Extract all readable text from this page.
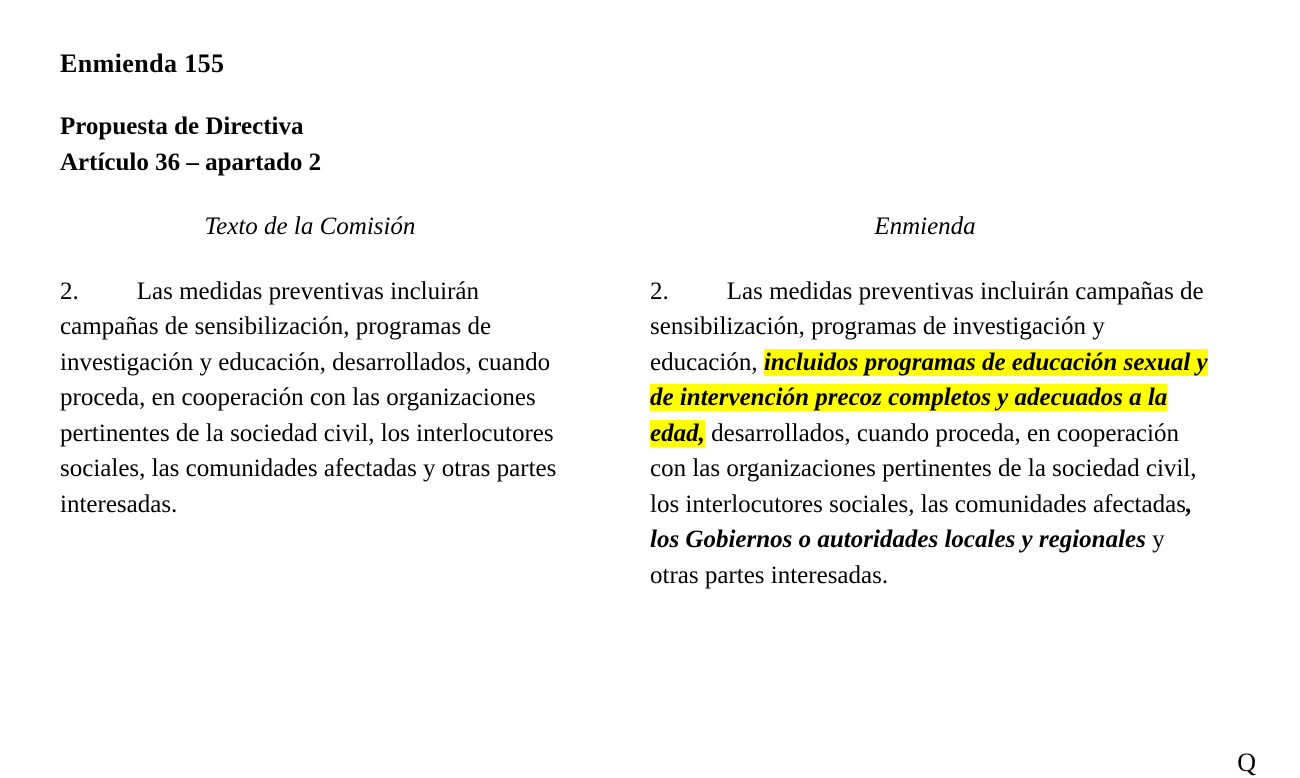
Enmienda 155
Propuesta de Directiva
Artículo 36 – apartado 2
Texto de la Comisión

2. Las medidas preventivas incluirán campañas de sensibilización, programas de investigación y educación, desarrollados, cuando proceda, en cooperación con las organizaciones pertinentes de la sociedad civil, los interlocutores sociales, las comunidades afectadas y otras partes interesadas.

Enmienda

2. Las medidas preventivas incluirán campañas de sensibilización, programas de investigación y educación, incluidos programas de educación sexual y de intervención precoz completos y adecuados a la edad, desarrollados, cuando proceda, en cooperación con las organizaciones pertinentes de la sociedad civil, los interlocutores sociales, las comunidades afectadas, los Gobiernos o autoridades locales y regionales y otras partes interesadas.

Q
